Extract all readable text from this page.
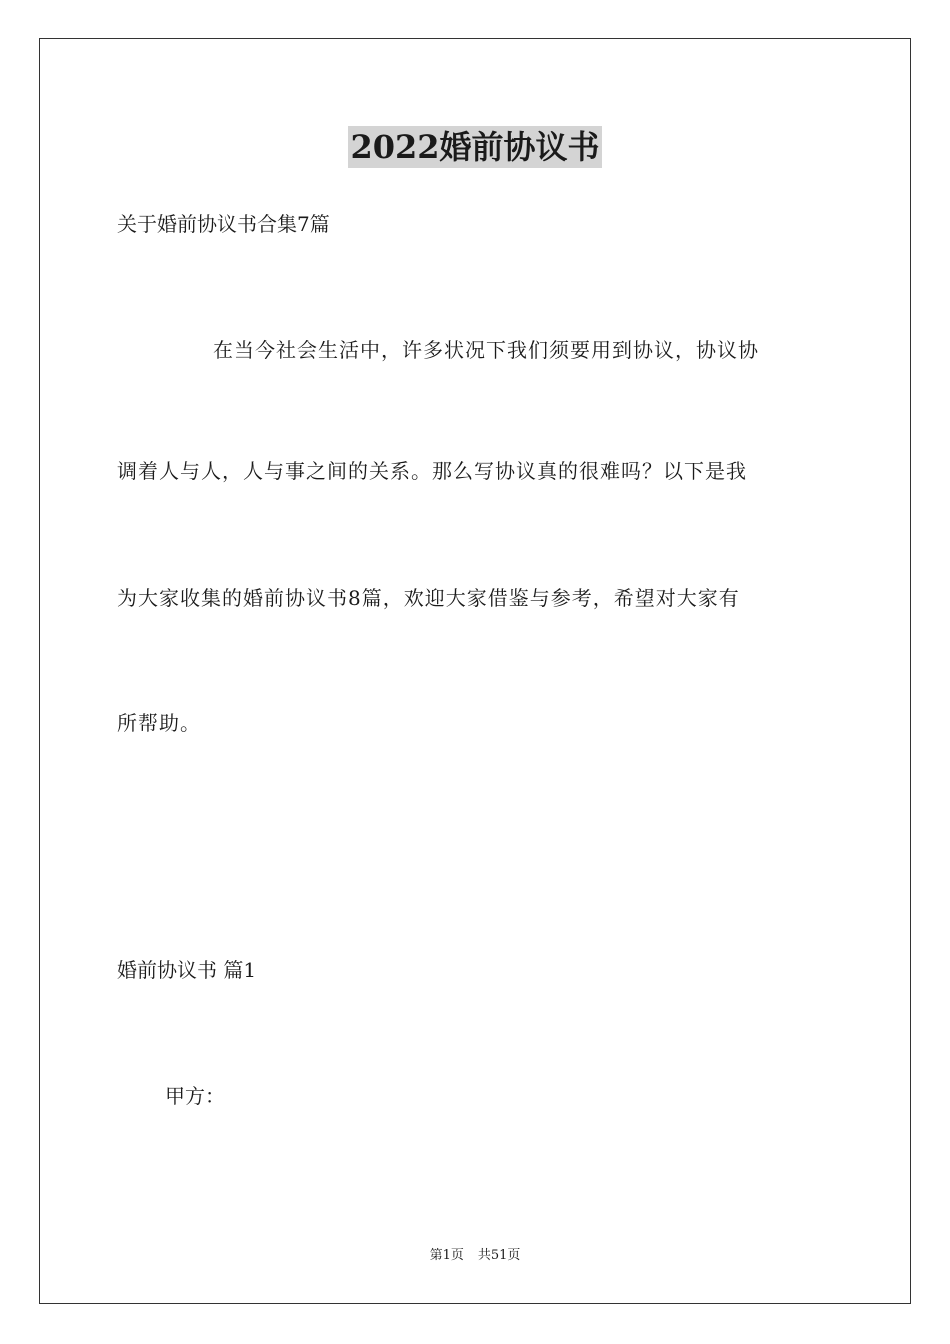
2022婚前协议书
关于婚前协议书合集7篇
在当今社会生活中，许多状况下我们须要用到协议，协议协
调着人与人，人与事之间的关系。那么写协议真的很难吗？以下是我
为大家收集的婚前协议书8篇，欢迎大家借鉴与参考，希望对大家有
所帮助。
婚前协议书 篇1
甲方：
第1页 共51页
